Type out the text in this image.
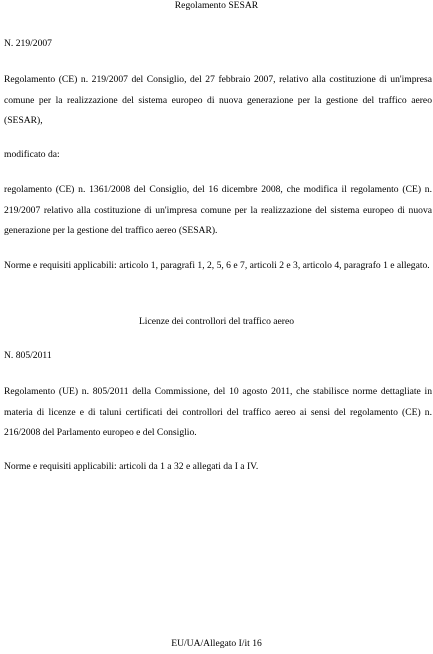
Regolamento SESAR

N. 219/2007

Regolamento (CE) n. 219/2007 del Consiglio, del 27 febbraio 2007, relativo alla costituzione di un'impresa comune per la realizzazione del sistema europeo di nuova generazione per la gestione del traffico aereo (SESAR),

modificato da:

regolamento (CE) n. 1361/2008 del Consiglio, del 16 dicembre 2008, che modifica il regolamento (CE) n. 219/2007 relativo alla costituzione di un'impresa comune per la realizzazione del sistema europeo di nuova generazione per la gestione del traffico aereo (SESAR).

Norme e requisiti applicabili: articolo 1, paragrafi 1, 2, 5, 6 e 7, articoli 2 e 3, articolo 4, paragrafo 1 e allegato.

Licenze dei controllori del traffico aereo

N. 805/2011

Regolamento (UE) n. 805/2011 della Commissione, del 10 agosto 2011, che stabilisce norme dettagliate in materia di licenze e di taluni certificati dei controllori del traffico aereo ai sensi del regolamento (CE) n. 216/2008 del Parlamento europeo e del Consiglio.

Norme e requisiti applicabili: articoli da 1 a 32 e allegati da I a IV.

EU/UA/Allegato I/it 16
